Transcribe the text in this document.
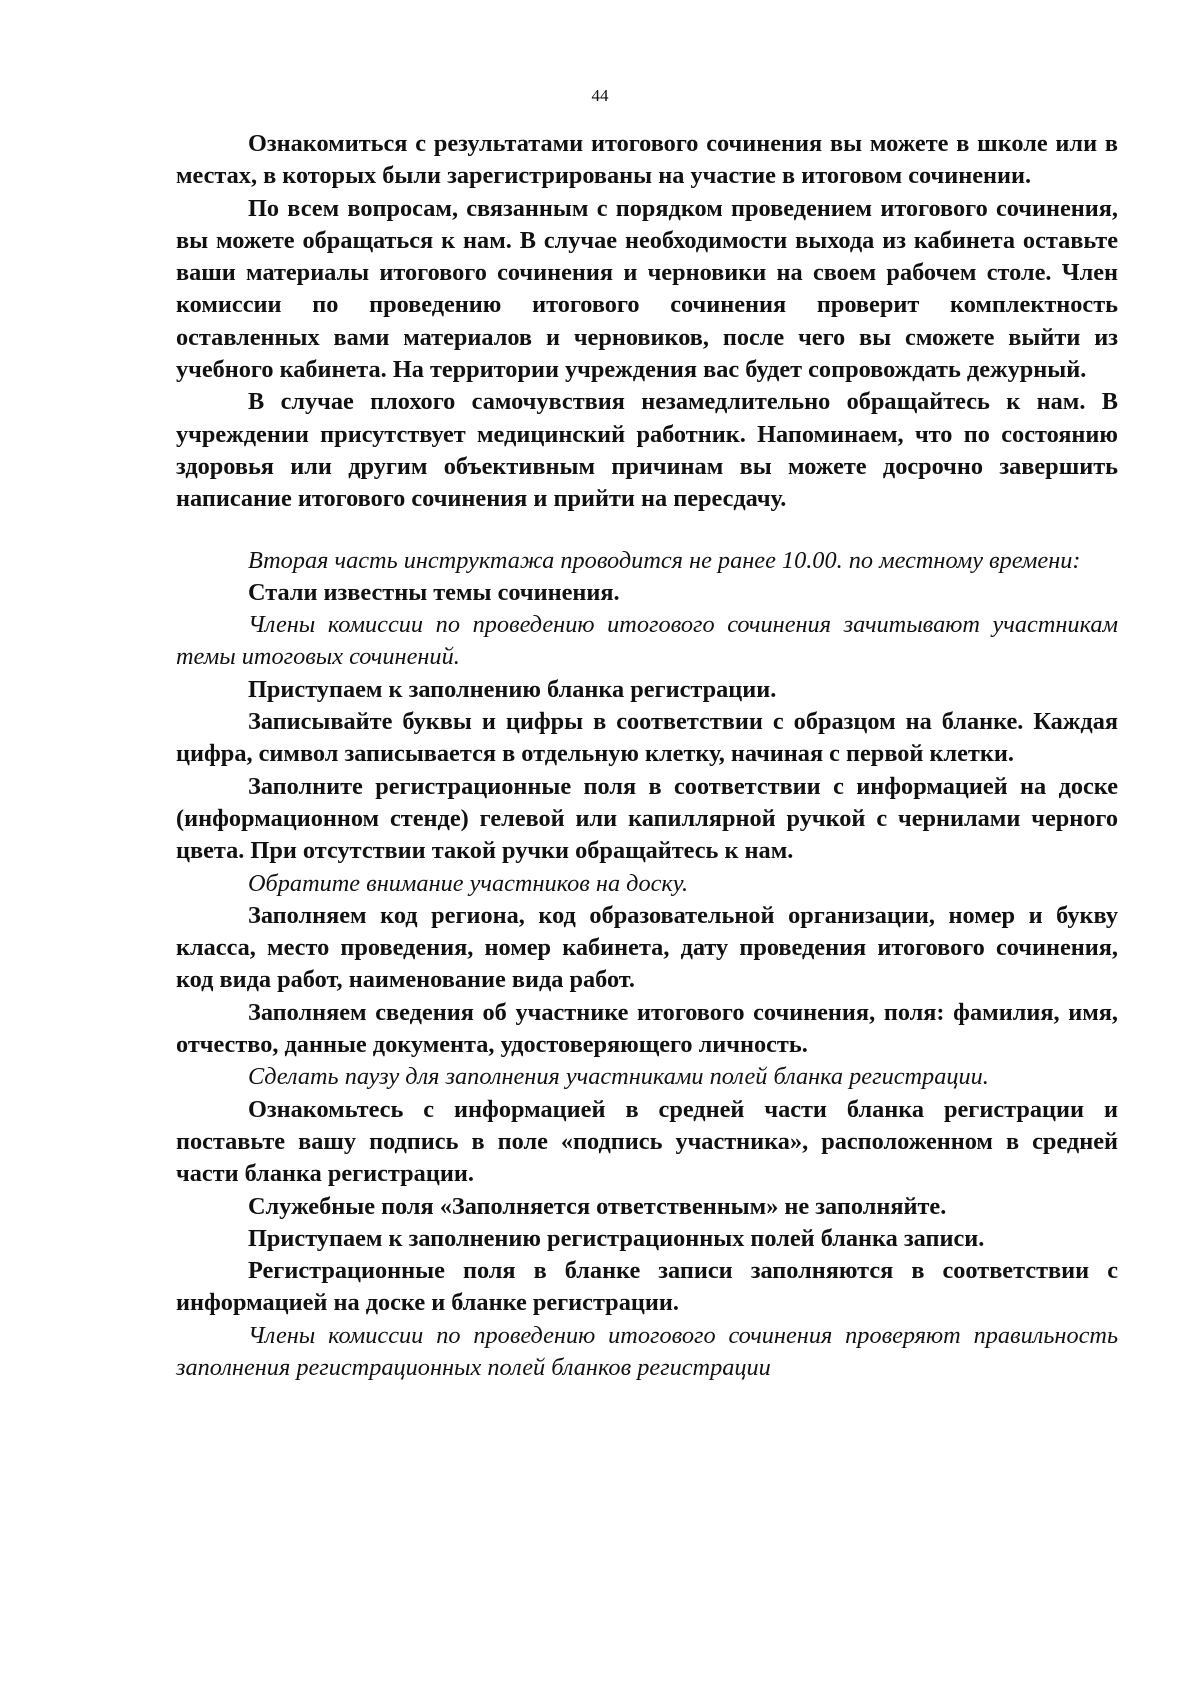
44

Ознакомиться с результатами итогового сочинения вы можете в школе или в местах, в которых были зарегистрированы на участие в итоговом сочинении.

По всем вопросам, связанным с порядком проведением итогового сочинения, вы можете обращаться к нам. В случае необходимости выхода из кабинета оставьте ваши материалы итогового сочинения и черновики на своем рабочем столе. Член комиссии по проведению итогового сочинения проверит комплектность оставленных вами материалов и черновиков, после чего вы сможете выйти из учебного кабинета. На территории учреждения вас будет сопровождать дежурный.

В случае плохого самочувствия незамедлительно обращайтесь к нам. В учреждении присутствует медицинский работник. Напоминаем, что по состоянию здоровья или другим объективным причинам вы можете досрочно завершить написание итогового сочинения и прийти на пересдачу.

Вторая часть инструктажа проводится не ранее 10.00. по местному времени:

Стали известны темы сочинения.

Члены комиссии по проведению итогового сочинения зачитывают участникам темы итоговых сочинений.

Приступаем к заполнению бланка регистрации.

Записывайте буквы и цифры в соответствии с образцом на бланке. Каждая цифра, символ записывается в отдельную клетку, начиная с первой клетки.

Заполните регистрационные поля в соответствии с информацией на доске (информационном стенде) гелевой или капиллярной ручкой с чернилами черного цвета. При отсутствии такой ручки обращайтесь к нам.

Обратите внимание участников на доску.

Заполняем код региона, код образовательной организации, номер и букву класса, место проведения, номер кабинета, дату проведения итогового сочинения, код вида работ, наименование вида работ.

Заполняем сведения об участнике итогового сочинения, поля: фамилия, имя, отчество, данные документа, удостоверяющего личность.

Сделать паузу для заполнения участниками полей бланка регистрации.

Ознакомьтесь с информацией в средней части бланка регистрации и поставьте вашу подпись в поле «подпись участника», расположенном в средней части бланка регистрации.

Служебные поля «Заполняется ответственным» не заполняйте.

Приступаем к заполнению регистрационных полей бланка записи.

Регистрационные поля в бланке записи заполняются в соответствии с информацией на доске и бланке регистрации.

Члены комиссии по проведению итогового сочинения проверяют правильность заполнения регистрационных полей бланков регистрации
